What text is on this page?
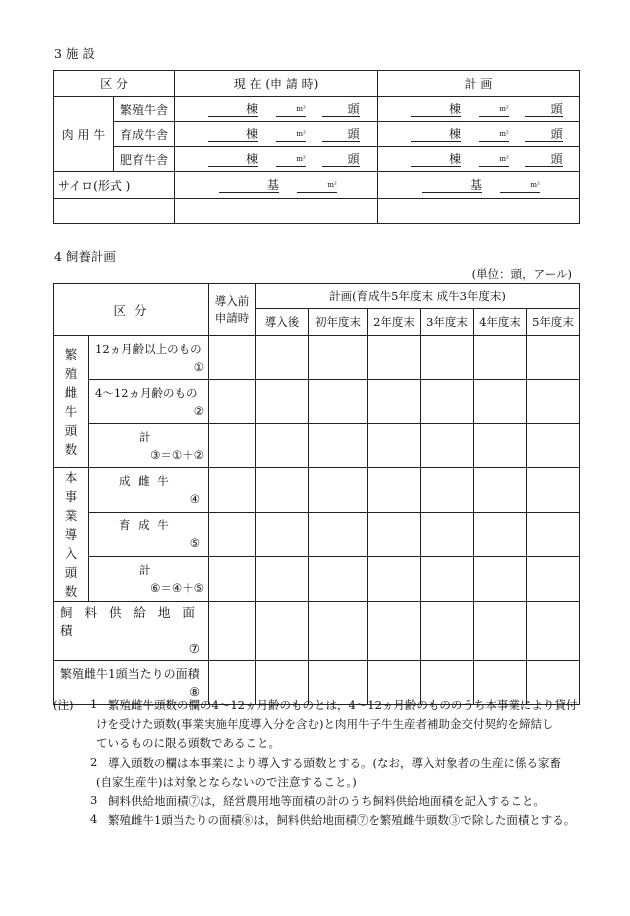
3 施 設
区 分		現 在 (申 請 時)	計 画
肉 用 牛	繁殖牛舎	棟 $^{m^2}$ 頭	棟 $^{m^2}$ 頭
	育成牛舎	棟 $^{m^2}$ 頭	棟 $^{m^2}$ 頭
	肥育牛舎	棟 $^{m^2}$ 頭	棟 $^{m^2}$ 頭
サイロ(形式 )		基 $^{m^2}$	基 $^{m^2}$

4 飼養計画
(単位：頭，アール)
区 分		導入前 申請時	計画(育成牛5年度末 成牛3年度末)					
			導入後	初年度末	2年度末	3年度末	4年度末	5年度末
繁殖雌牛頭数	12ヵ月齢以上のもの
①							

	4〜12ヵ月齢のもの
②							

	計
③＝①＋②							

本事業導入頭数	成 雌 牛
④							

	育 成 牛
⑤							

	計
⑥＝④＋⑤							

飼 料 供 給 地 面 積
⑦								

繁殖雌牛1頭当たりの面積
⑧								

(注) 1 繁殖雌牛頭数の欄の4〜12ヵ月齢のものとは，4〜12ヵ月齢のもののうち本事業により貸付
けを受けた頭数(事業実施年度導入分を含む)と肉用牛子牛生産者補助金交付契約を締結し
ているものに限る頭数であること。
2 導入頭数の欄は本事業により導入する頭数とする。(なお，導入対象者の生産に係る家畜
(自家生産牛)は対象とならないので注意すること。)
3 飼料供給地面積⑦は，経営農用地等面積の計のうち飼料供給地面積を記入すること。
4 繁殖雌牛1頭当たりの面積⑧は，飼料供給地面積⑦を繁殖雌牛頭数③で除した面積とする。
